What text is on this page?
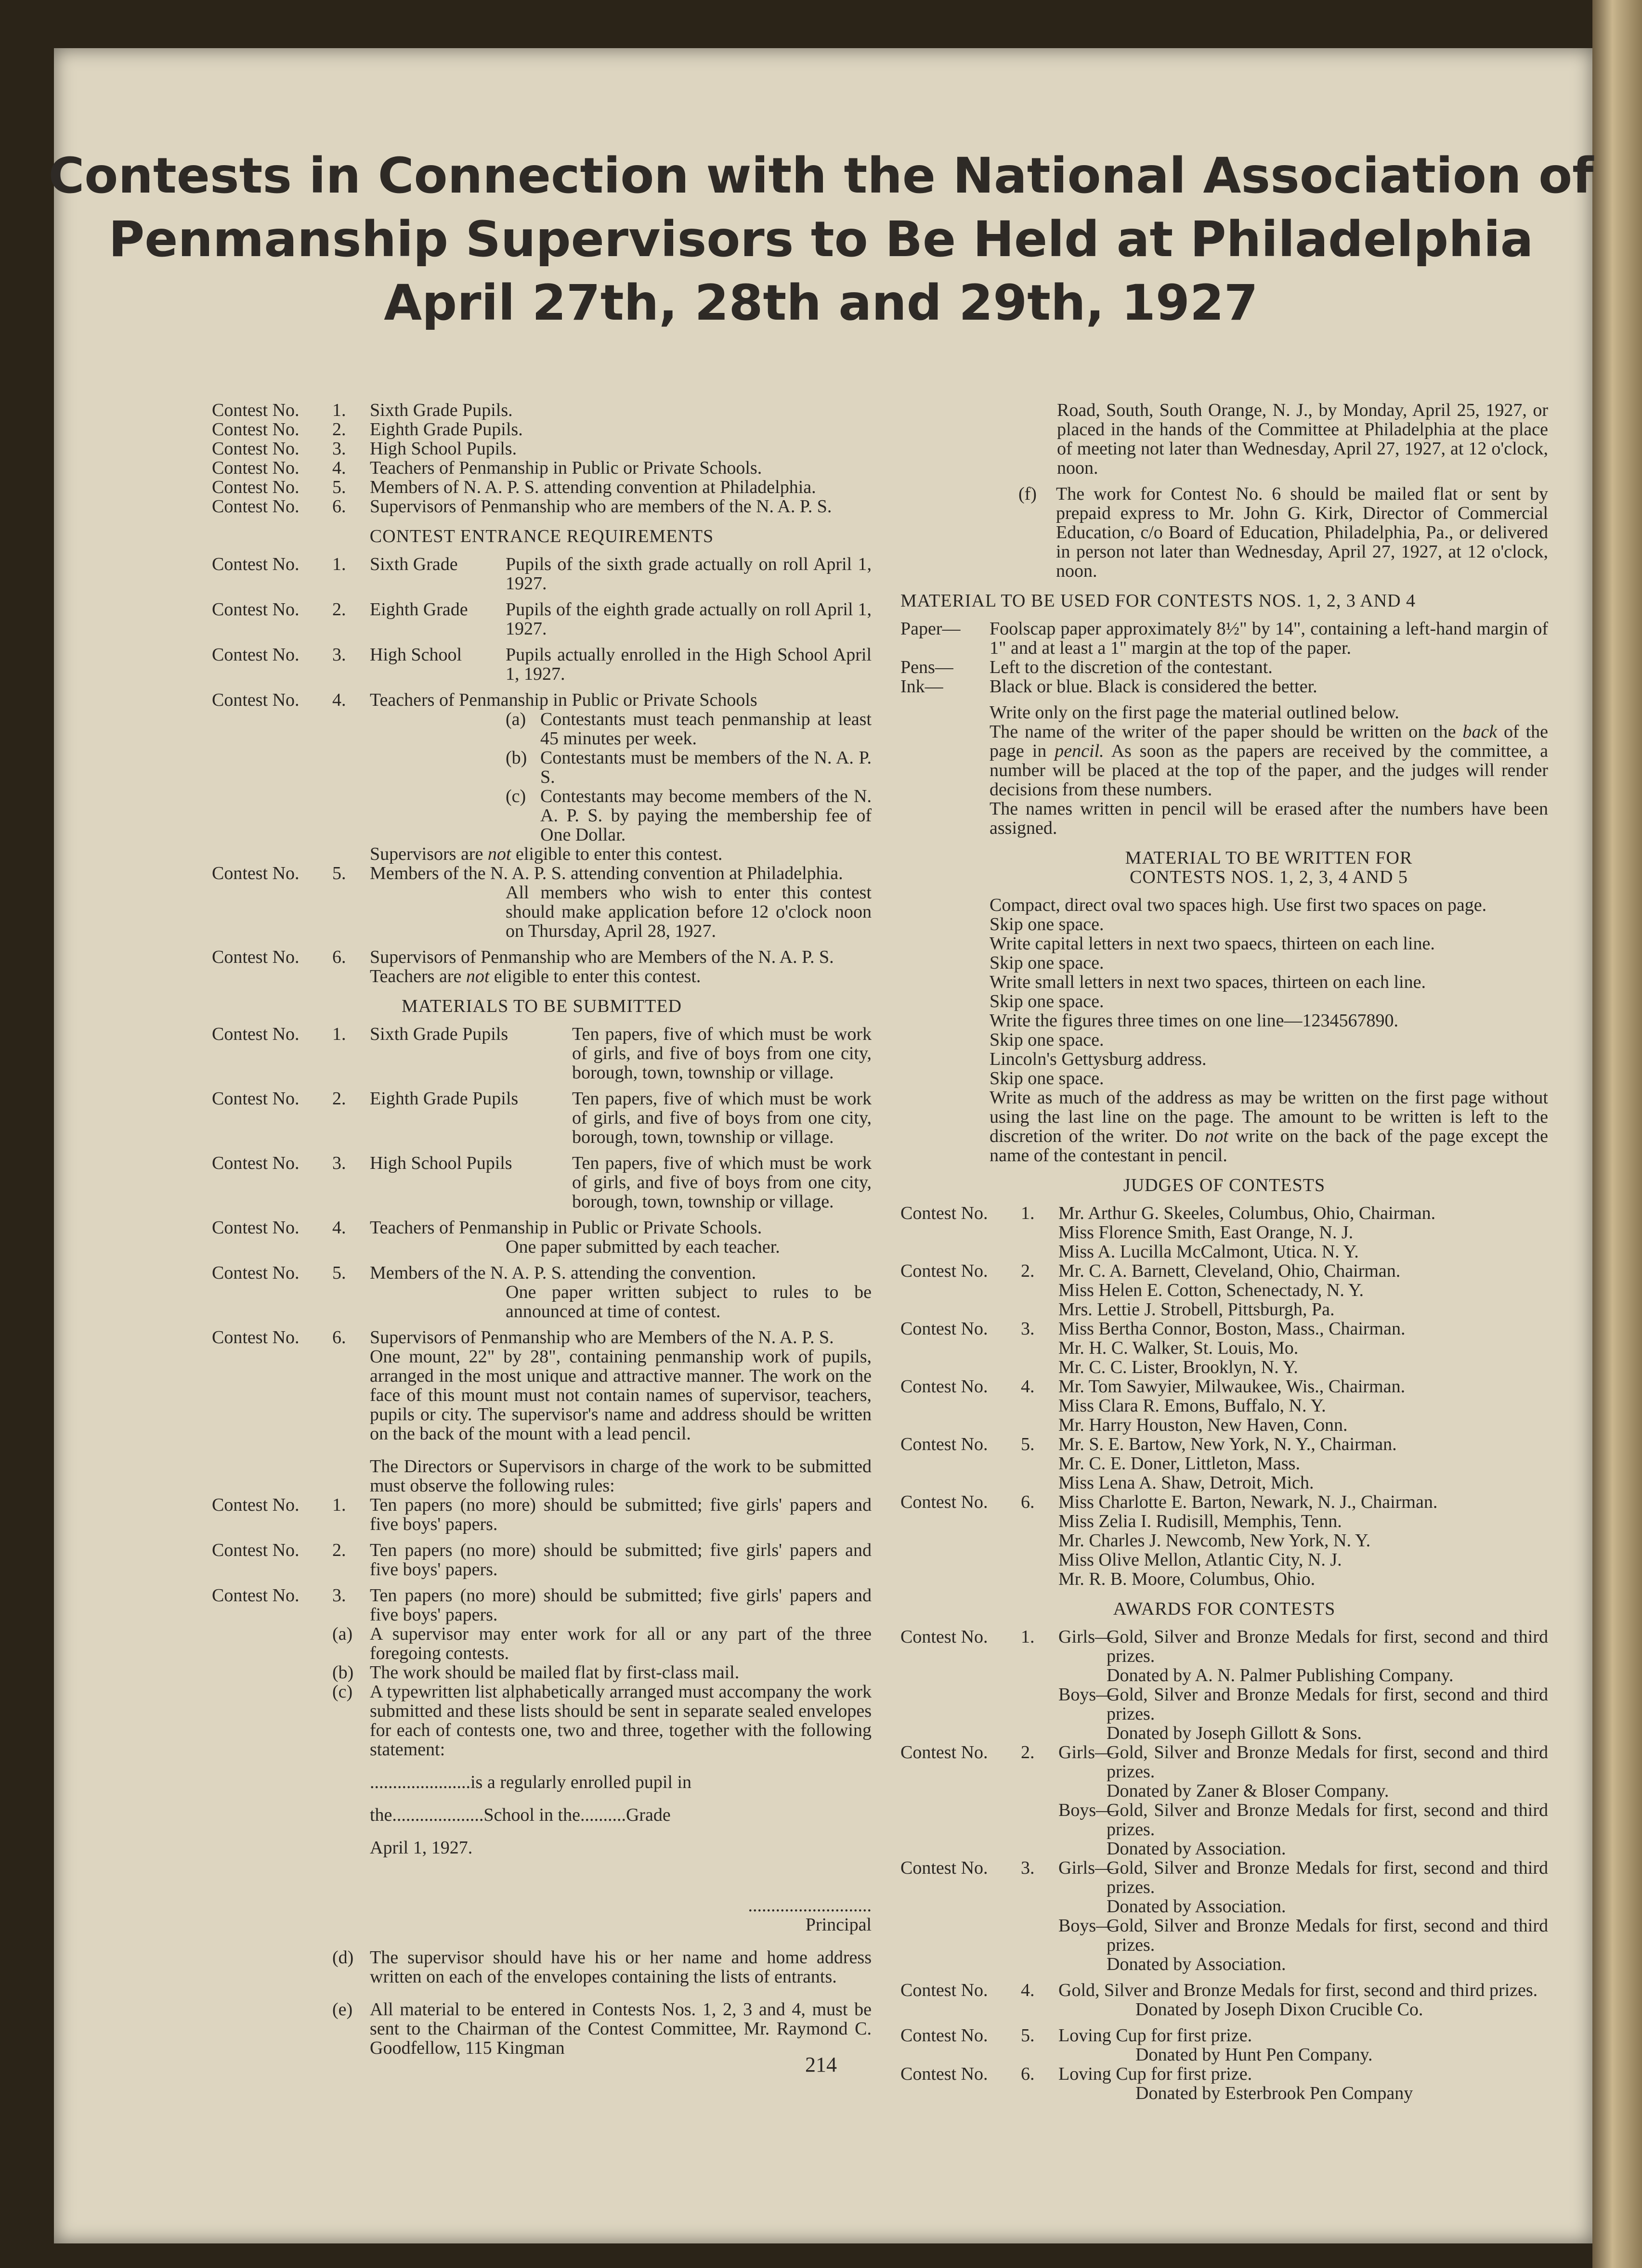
Contests in Connection with the National Association of
Penmanship Supervisors to Be Held at Philadelphia
April 27th, 28th and 29th, 1927
Contest No.	1.	Sixth Grade Pupils.
Contest No.	2.	Eighth Grade Pupils.
Contest No.	3.	High School Pupils.
Contest No.	4.	Teachers of Penmanship in Public or Private Schools.
Contest No.	5.	Members of N. A. P. S. attending convention at Philadelphia.
Contest No.	6.	Supervisors of Penmanship who are members of the N. A. P. S.
CONTEST ENTRANCE REQUIREMENTS
Contest No.	1.	Sixth Grade	Pupils of the sixth grade actually on roll April 1, 1927.
Contest No.	2.	Eighth Grade	Pupils of the eighth grade actually on roll April 1, 1927.
Contest No.	3.	High School	Pupils actually enrolled in the High School April 1, 1927.
Contest No.	4.	Teachers of Penmanship in Public or Private Schools
(a) Contestants must teach penmanship at least 45 minutes per week.
(b) Contestants must be members of the N. A. P. S.
(c) Contestants may become members of the N. A. P. S. by paying the membership fee of One Dollar.
Supervisors are not eligible to enter this contest.
Contest No.	5.	Members of the N. A. P. S. attending convention at Philadelphia.
All members who wish to enter this contest should make application before 12 o'clock noon on Thursday, April 28, 1927.
Contest No.	6.	Supervisors of Penmanship who are Members of the N. A. P. S.
Teachers are not eligible to enter this contest.
MATERIALS TO BE SUBMITTED
Contest No.	1.	Sixth Grade Pupils	Ten papers, five of which must be work of girls, and five of boys from one city, borough, town, township or village.
Contest No.	2.	Eighth Grade Pupils	Ten papers, five of which must be work of girls, and five of boys from one city, borough, town, township or village.
Contest No.	3.	High School Pupils	Ten papers, five of which must be work of girls, and five of boys from one city, borough, town, township or village.
Contest No.	4.	Teachers of Penmanship in Public or Private Schools.
One paper submitted by each teacher.
Contest No.	5.	Members of the N. A. P. S. attending the convention.
One paper written subject to rules to be announced at time of contest.
Contest No.	6.	Supervisors of Penmanship who are Members of the N. A. P. S.
One mount, 22" by 28", containing penmanship work of pupils, arranged in the most unique and attractive manner. The work on the face of this mount must not contain names of supervisor, teachers, pupils or city. The supervisor's name and address should be written on the back of the mount with a lead pencil.
The Directors or Supervisors in charge of the work to be submitted must observe the following rules:
Contest No.	1.	Ten papers (no more) should be submitted; five girls' papers and five boys' papers.
Contest No.	2.	Ten papers (no more) should be submitted; five girls' papers and five boys' papers.
Contest No.	3.	Ten papers (no more) should be submitted; five girls' papers and five boys' papers.
(a) A supervisor may enter work for all or any part of the three foregoing contests.
(b) The work should be mailed flat by first-class mail.
(c) A typewritten list alphabetically arranged must accompany the work submitted and these lists should be sent in separate sealed envelopes for each of contests one, two and three, together with the following statement:
......................is a regularly enrolled pupil in
the....................School in the..........Grade
April 1, 1927.
...........................
Principal
(d) The supervisor should have his or her name and home address written on each of the envelopes containing the lists of entrants.
(e) All material to be entered in Contests Nos. 1, 2, 3 and 4, must be sent to the Chairman of the Contest Committee, Mr. Raymond C. Goodfellow, 115 Kingman
Road, South, South Orange, N. J., by Monday, April 25, 1927, or placed in the hands of the Committee at Philadelphia at the place of meeting not later than Wednesday, April 27, 1927, at 12 o'clock, noon.
(f)	The work for Contest No. 6 should be mailed flat or sent by prepaid express to Mr. John G. Kirk, Director of Commercial Education, c/o Board of Education, Philadelphia, Pa., or delivered in person not later than Wednesday, April 27, 1927, at 12 o'clock, noon.
MATERIAL TO BE USED FOR CONTESTS NOS. 1, 2, 3 AND 4
Paper—	Foolscap paper approximately 8½" by 14", containing a left-hand margin of 1" and at least a 1" margin at the top of the paper.
Pens—	Left to the discretion of the contestant.
Ink—	Black or blue. Black is considered the better.
Write only on the first page the material outlined below.
The name of the writer of the paper should be written on the back of the page in pencil. As soon as the papers are received by the committee, a number will be placed at the top of the paper, and the judges will render decisions from these numbers.
The names written in pencil will be erased after the numbers have been assigned.
MATERIAL TO BE WRITTEN FOR
CONTESTS NOS. 1, 2, 3, 4 AND 5
Compact, direct oval two spaces high. Use first two spaces on page.
Skip one space.
Write capital letters in next two spaecs, thirteen on each line.
Skip one space.
Write small letters in next two spaces, thirteen on each line.
Skip one space.
Write the figures three times on one line—1234567890.
Skip one space.
Lincoln's Gettysburg address.
Skip one space.
Write as much of the address as may be written on the first page without using the last line on the page. The amount to be written is left to the discretion of the writer. Do not write on the back of the page except the name of the contestant in pencil.
JUDGES OF CONTESTS
Contest No.	1.	Mr. Arthur G. Skeeles, Columbus, Ohio, Chairman.
Miss Florence Smith, East Orange, N. J.
Miss A. Lucilla McCalmont, Utica. N. Y.
Contest No.	2.	Mr. C. A. Barnett, Cleveland, Ohio, Chairman.
Miss Helen E. Cotton, Schenectady, N. Y.
Mrs. Lettie J. Strobell, Pittsburgh, Pa.
Contest No.	3.	Miss Bertha Connor, Boston, Mass., Chairman.
Mr. H. C. Walker, St. Louis, Mo.
Mr. C. C. Lister, Brooklyn, N. Y.
Contest No.	4.	Mr. Tom Sawyier, Milwaukee, Wis., Chairman.
Miss Clara R. Emons, Buffalo, N. Y.
Mr. Harry Houston, New Haven, Conn.
Contest No.	5.	Mr. S. E. Bartow, New York, N. Y., Chairman.
Mr. C. E. Doner, Littleton, Mass.
Miss Lena A. Shaw, Detroit, Mich.
Contest No.	6.	Miss Charlotte E. Barton, Newark, N. J., Chairman.
Miss Zelia I. Rudisill, Memphis, Tenn.
Mr. Charles J. Newcomb, New York, N. Y.
Miss Olive Mellon, Atlantic City, N. J.
Mr. R. B. Moore, Columbus, Ohio.
AWARDS FOR CONTESTS
Contest No.	1.	Girls—
Gold, Silver and Bronze Medals for first, second and third prizes.
Donated by A. N. Palmer Publishing Company.
Boys—
Gold, Silver and Bronze Medals for first, second and third prizes.
Donated by Joseph Gillott & Sons.
Contest No.	2.	Girls—
Gold, Silver and Bronze Medals for first, second and third prizes.
Donated by Zaner & Bloser Company.
Boys—
Gold, Silver and Bronze Medals for first, second and third prizes.
Donated by Association.
Contest No.	3.	Girls—
Gold, Silver and Bronze Medals for first, second and third prizes.
Donated by Association.
Boys—
Gold, Silver and Bronze Medals for first, second and third prizes.
Donated by Association.
Contest No.	4.	Gold, Silver and Bronze Medals for first, second and third prizes.
Donated by Joseph Dixon Crucible Co.
Contest No.	5.	Loving Cup for first prize.
Donated by Hunt Pen Company.
Contest No.	6.	Loving Cup for first prize.
Donated by Esterbrook Pen Company
214
